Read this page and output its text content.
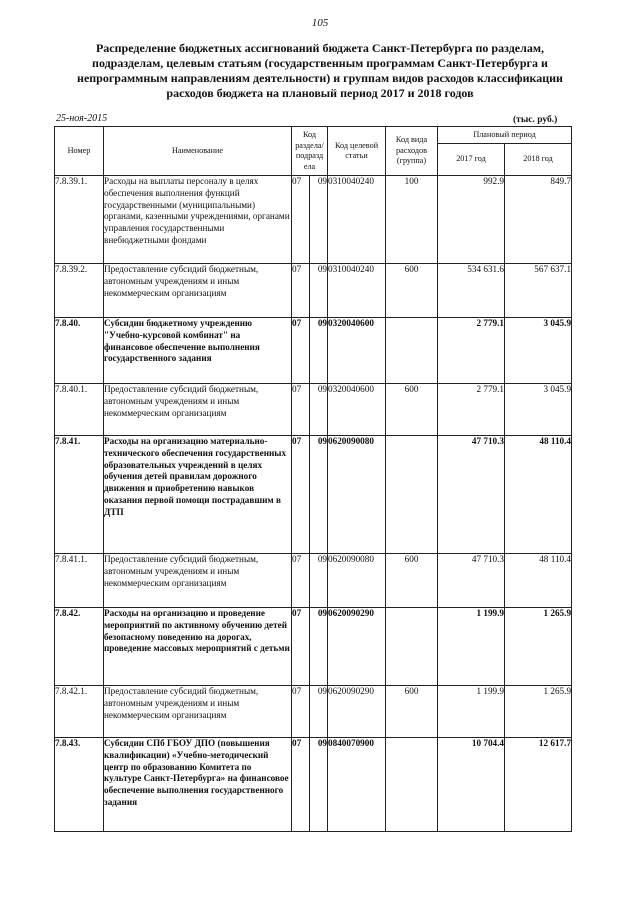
105
Распределение бюджетных ассигнований бюджета Санкт-Петербурга по разделам, подразделам, целевым статьям (государственным программам Санкт-Петербурга и непрограммным направлениям деятельности) и группам видов расходов классификации расходов бюджета на плановый период 2017 и 2018 годов
25-ноя-2015	(тыс. руб.)
Номер	Наименование	Код раздела/ подразд ела		Код целевой статьи	Код вида расходов (группа)	Плановый период	
						2017 год	2018 год
7.8.39.1.	Расходы на выплаты персоналу в целях обеспечения выполнения функций государственными (муниципальными) органами, казенными учреждениями, органами управления государственными внебюджетными фондами	07	09	0310040240	100	992.9	849.7
7.8.39.2.	Предоставление субсидий бюджетным, автономным учреждениям и иным некоммерческим организациям	07	09	0310040240	600	534 631.6	567 637.1
7.8.40.	Субсидии бюджетному учреждению "Учебно-курсовой комбинат" на финансовое обеспечение выполнения государственного задания	07	09	0320040600		2 779.1	3 045.9
7.8.40.1.	Предоставление субсидий бюджетным, автономным учреждениям и иным некоммерческим организациям	07	09	0320040600	600	2 779.1	3 045.9
7.8.41.	Расходы на организацию материально-технического обеспечения государственных образовательных учреждений в целях обучения детей правилам дорожного движения и приобретению навыков оказания первой помощи пострадавшим в ДТП	07	09	0620090080		47 710.3	48 110.4
7.8.41.1.	Предоставление субсидий бюджетным, автономным учреждениям и иным некоммерческим организациям	07	09	0620090080	600	47 710.3	48 110.4
7.8.42.	Расходы на организацию и проведение мероприятий по активному обучению детей безопасному поведению на дорогах, проведение массовых мероприятий с детьми	07	09	0620090290		1 199.9	1 265.9
7.8.42.1.	Предоставление субсидий бюджетным, автономным учреждениям и иным некоммерческим организациям	07	09	0620090290	600	1 199.9	1 265.9
7.8.43.	Субсидии СПб ГБОУ ДПО (повышения квалификации) «Учебно-методический центр по образованию Комитета по культуре Санкт-Петербурга» на финансовое обеспечение выполнения государственного задания	07	09	0840070900		10 704.4	12 617.7
